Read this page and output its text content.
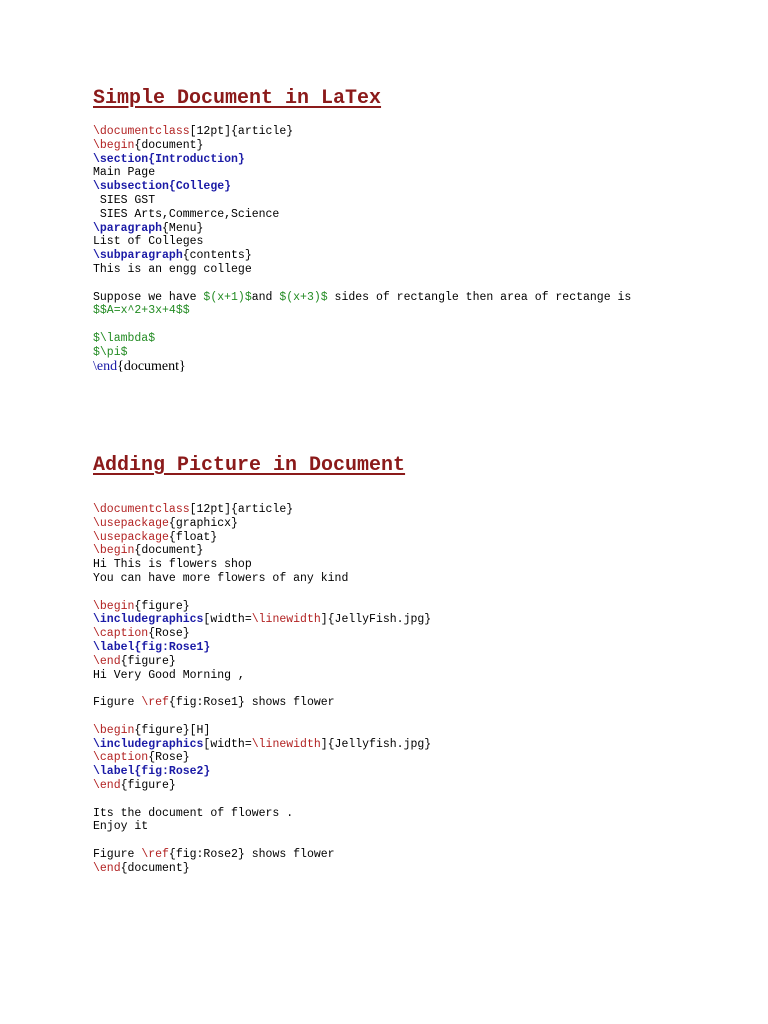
Simple Document in LaTex
\documentclass[12pt]{article}
\begin{document}
\section{Introduction}
Main Page
\subsection{College}
SIES GST
SIES Arts,Commerce,Science
\paragraph{Menu}
List of Colleges
\subparagraph{contents}
This is an engg college
Suppose we have $(x+1)$and $(x+3)$ sides of rectangle then area of rectange is
$$A=x^2+3x+4$$
$\lambda$
$\pi$
\end{document}
Adding Picture in Document
\documentclass[12pt]{article}
\usepackage{graphicx}
\usepackage{float}
\begin{document}
Hi This is flowers shop
You can have more flowers of any kind
\begin{figure}
\includegraphics[width=\linewidth]{JellyFish.jpg}
\caption{Rose}
\label{fig:Rose1}
\end{figure}
Hi Very Good Morning ,
Figure \ref{fig:Rose1} shows flower
\begin{figure}[H]
\includegraphics[width=\linewidth]{Jellyfish.jpg}
\caption{Rose}
\label{fig:Rose2}
\end{figure}
Its the document of flowers .
Enjoy it
Figure \ref{fig:Rose2} shows flower
\end{document}
